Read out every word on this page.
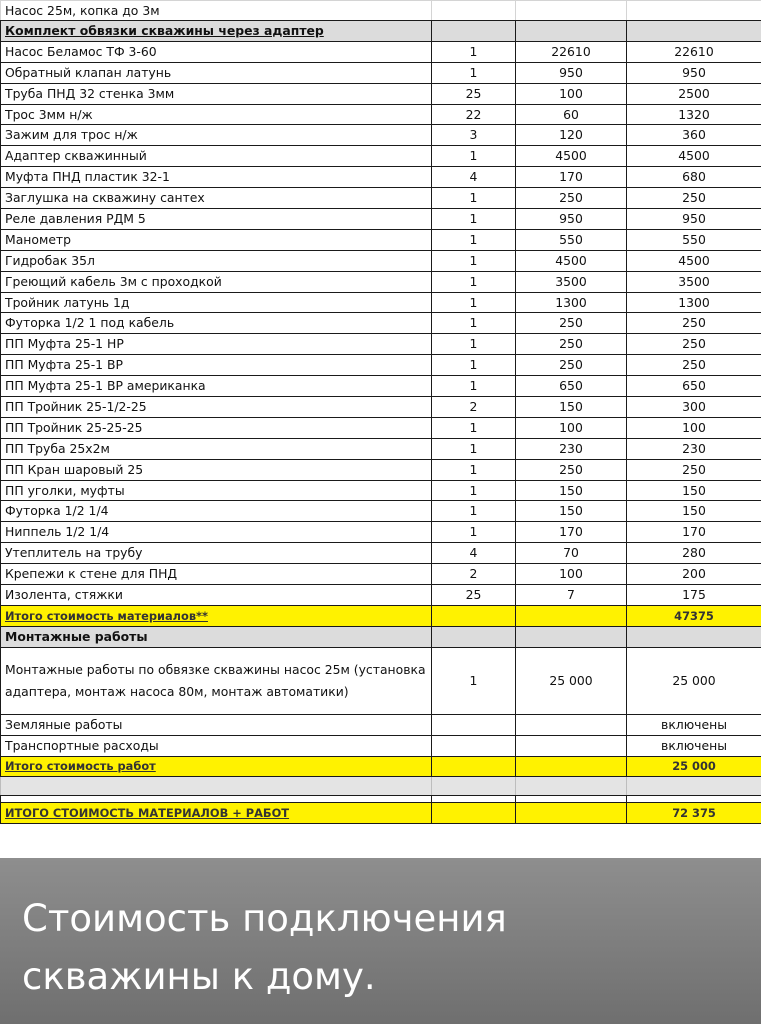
Насос 25м, копка до 3м			
Комплект обвязки скважины через адаптер			
Насос Беламос ТФ 3-60	1	22610	22610
Обратный клапан латунь	1	950	950
Труба ПНД 32 стенка 3мм	25	100	2500
Трос 3мм н/ж	22	60	1320
Зажим для трос н/ж	3	120	360
Адаптер скважинный	1	4500	4500
Муфта ПНД пластик 32-1	4	170	680
Заглушка на скважину сантех	1	250	250
Реле давления РДМ 5	1	950	950
Манометр	1	550	550
Гидробак 35л	1	4500	4500
Греющий кабель 3м с проходкой	1	3500	3500
Тройник латунь 1д	1	1300	1300
Футорка 1/2 1 под кабель	1	250	250
ПП Муфта 25-1 НР	1	250	250
ПП Муфта 25-1 ВР	1	250	250
ПП Муфта 25-1 ВР американка	1	650	650
ПП Тройник 25-1/2-25	2	150	300
ПП Тройник 25-25-25	1	100	100
ПП Труба 25х2м	1	230	230
ПП Кран шаровый 25	1	250	250
ПП уголки, муфты	1	150	150
Футорка 1/2 1/4	1	150	150
Ниппель 1/2 1/4	1	170	170
Утеплитель на трубу	4	70	280
Крепежи к стене для ПНД	2	100	200
Изолента, стяжки	25	7	175
Итого стоимость материалов**			47375
Монтажные работы			
Монтажные работы по обвязке скважины насос 25м (установка адаптера, монтаж насоса 80м, монтаж автоматики)	1	25 000	25 000
Земляные работы			включены
Транспортные расходы			включены
Итого стоимость работ			25 000

ИТОГО СТОИМОСТЬ МАТЕРИАЛОВ + РАБОТ			72 375
Стоимость подключения
скважины к дому.
